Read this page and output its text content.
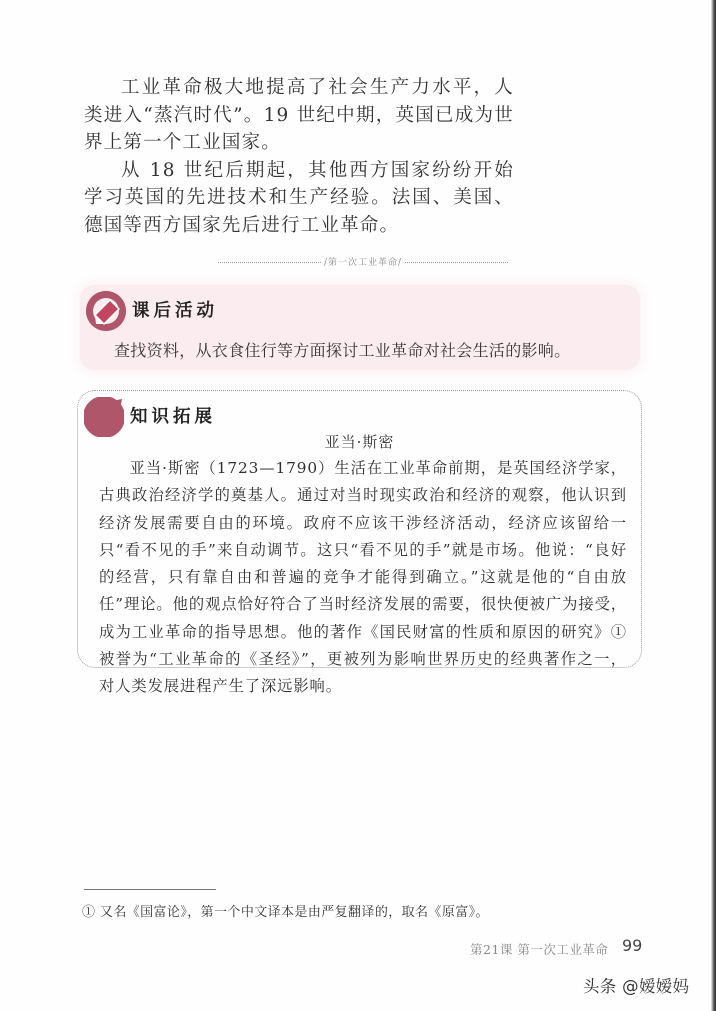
工业革命极大地提高了社会生产力水平，人类进入“蒸汽时代”。19 世纪中期，英国已成为世界上第一个工业国家。

从 18 世纪后期起，其他西方国家纷纷开始学习英国的先进技术和生产经验。法国、美国、德国等西方国家先后进行工业革命。

/第一次工业革命/
课后活动
查找资料，从衣食住行等方面探讨工业革命对社会生活的影响。
知识拓展
亚当·斯密

亚当·斯密（1723—1790）生活在工业革命前期，是英国经济学家，古典政治经济学的奠基人。通过对当时现实政治和经济的观察，他认识到经济发展需要自由的环境。政府不应该干涉经济活动，经济应该留给一只“看不见的手”来自动调节。这只“看不见的手”就是市场。他说：“良好的经营，只有靠自由和普遍的竞争才能得到确立。”这就是他的“自由放任”理论。他的观点恰好符合了当时经济发展的需要，很快便被广为接受，成为工业革命的指导思想。他的著作《国民财富的性质和原因的研究》①被誉为“工业革命的《圣经》”，更被列为影响世界历史的经典著作之一，对人类发展进程产生了深远影响。

① 又名《国富论》，第一个中文译本是由严复翻译的，取名《原富》。
第21课 第一次工业革命 99
头条 @嫒嫒妈
